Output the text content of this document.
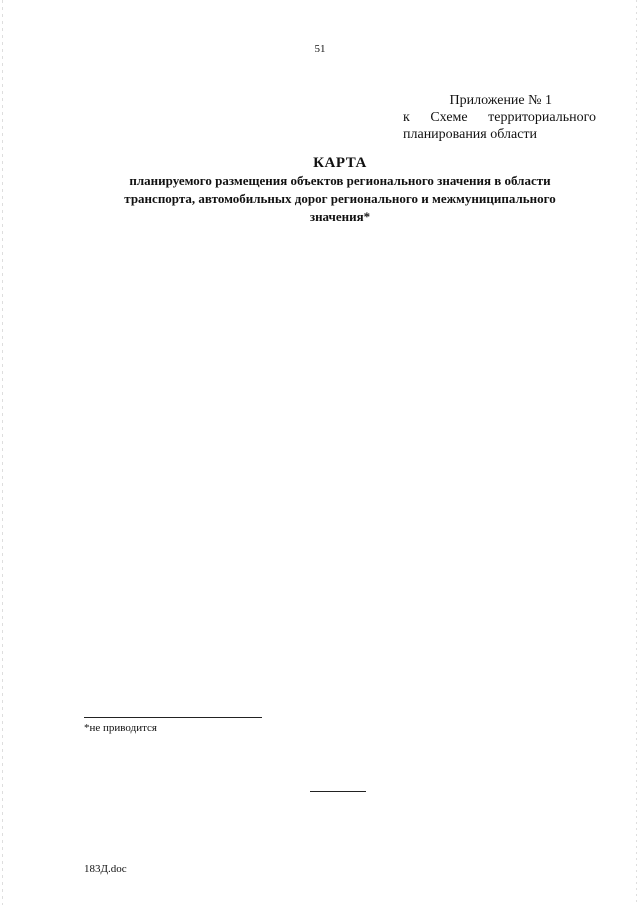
51
Приложение № 1
к Схеме территориального
планирования области
КАРТА
планируемого размещения объектов регионального значения в области
транспорта, автомобильных дорог регионального и межмуниципального
значения*
*не приводится
183Д.doc
